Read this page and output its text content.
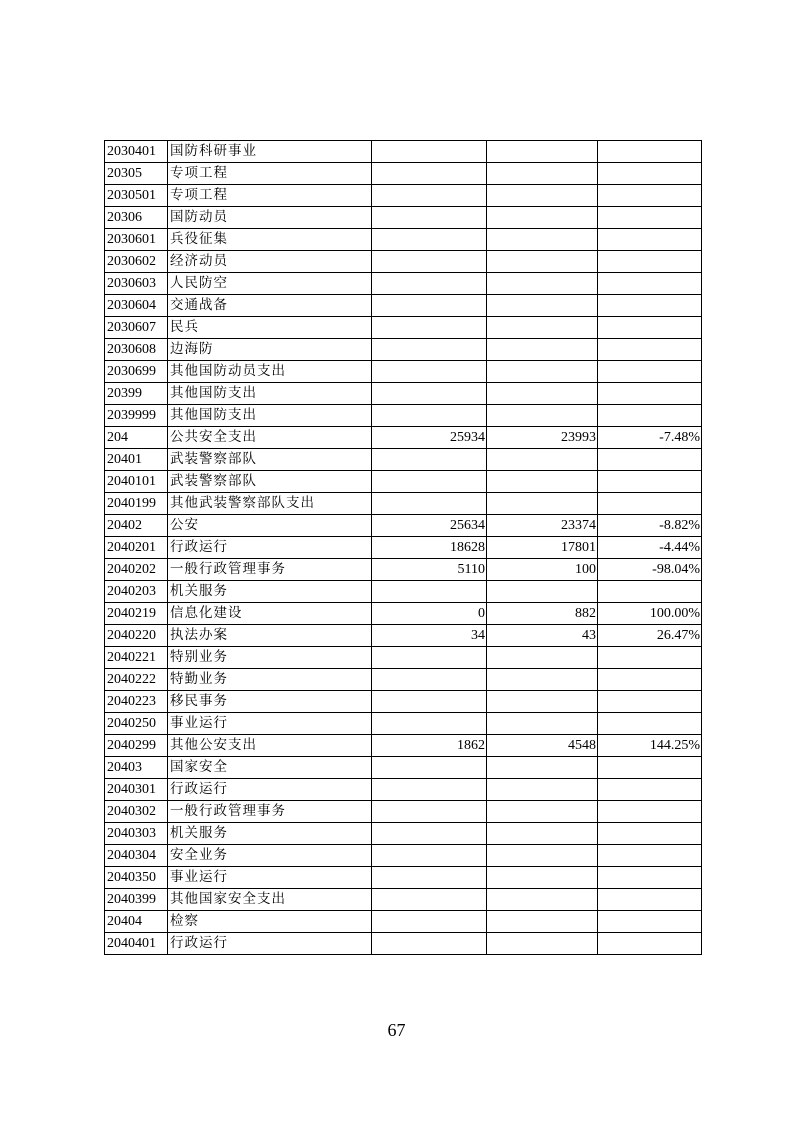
2030401	国防科研事业			
20305	专项工程			
2030501	专项工程			
20306	国防动员			
2030601	兵役征集			
2030602	经济动员			
2030603	人民防空			
2030604	交通战备			
2030607	民兵			
2030608	边海防			
2030699	其他国防动员支出			
20399	其他国防支出			
2039999	其他国防支出			
204	公共安全支出	25934	23993	-7.48%
20401	武装警察部队			
2040101	武装警察部队			
2040199	其他武装警察部队支出			
20402	公安	25634	23374	-8.82%
2040201	行政运行	18628	17801	-4.44%
2040202	一般行政管理事务	5110	100	-98.04%
2040203	机关服务			
2040219	信息化建设	0	882	100.00%
2040220	执法办案	34	43	26.47%
2040221	特别业务			
2040222	特勤业务			
2040223	移民事务			
2040250	事业运行			
2040299	其他公安支出	1862	4548	144.25%
20403	国家安全			
2040301	行政运行			
2040302	一般行政管理事务			
2040303	机关服务			
2040304	安全业务			
2040350	事业运行			
2040399	其他国家安全支出			
20404	检察			
2040401	行政运行			
67
